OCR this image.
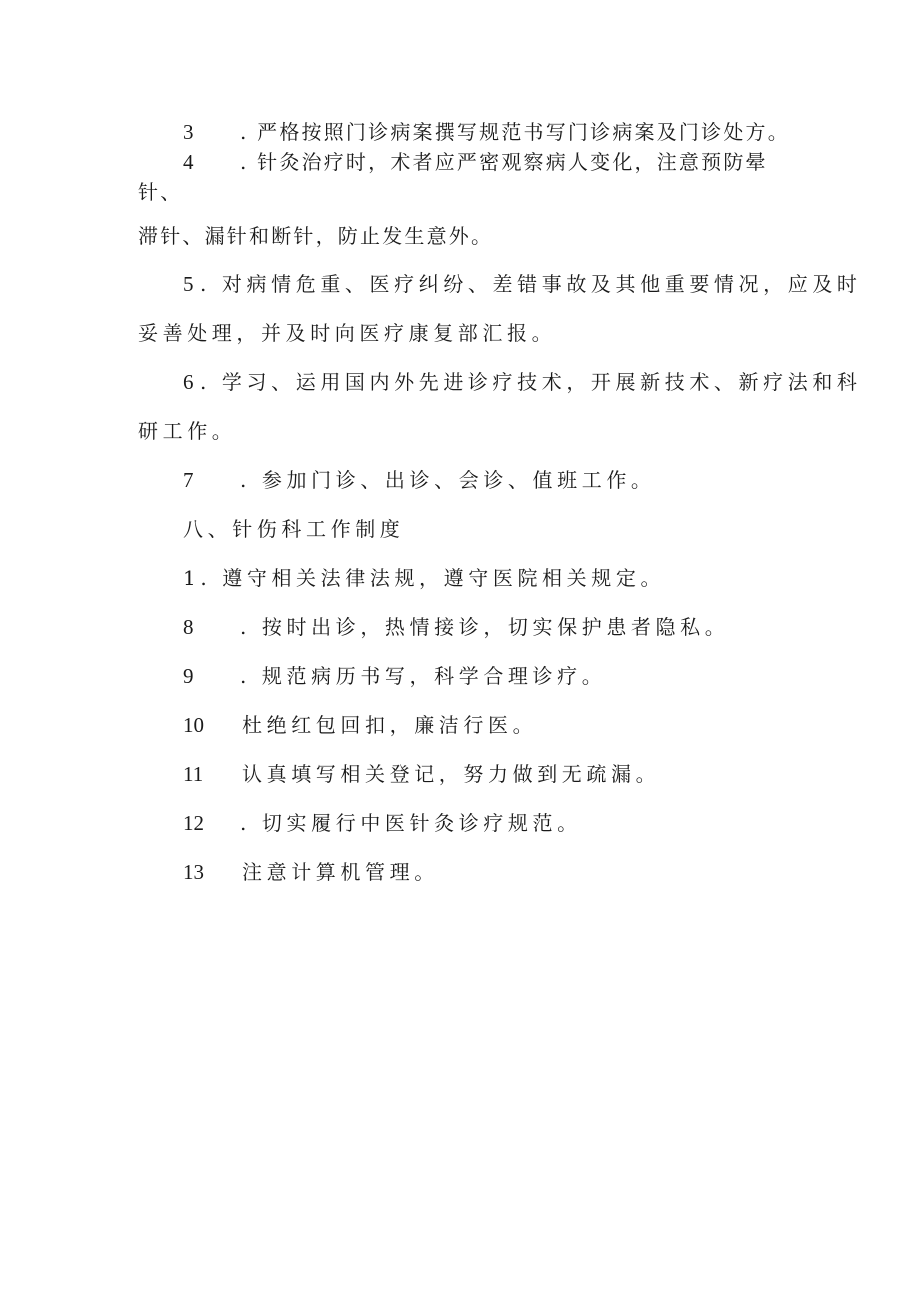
3 . 严格按照门诊病案撰写规范书写门诊病案及门诊处方。
4 . 针灸治疗时，术者应严密观察病人变化，注意预防晕
针、
滞针、漏针和断针，防止发生意外。
5 . 对病情危重、医疗纠纷、差错事故及其他重要情况，应及时
妥善处理，并及时向医疗康复部汇报。
6 . 学习、运用国内外先进诊疗技术，开展新技术、新疗法和科
研工作。
7 . 参加门诊、出诊、会诊、值班工作。
八、针伤科工作制度
1. 遵守相关法律法规，遵守医院相关规定。
8 . 按时出诊，热情接诊，切实保护患者隐私。
9 . 规范病历书写，科学合理诊疗。
10 杜绝红包回扣，廉洁行医。
11 认真填写相关登记，努力做到无疏漏。
12 . 切实履行中医针灸诊疗规范。
13 注意计算机管理。
